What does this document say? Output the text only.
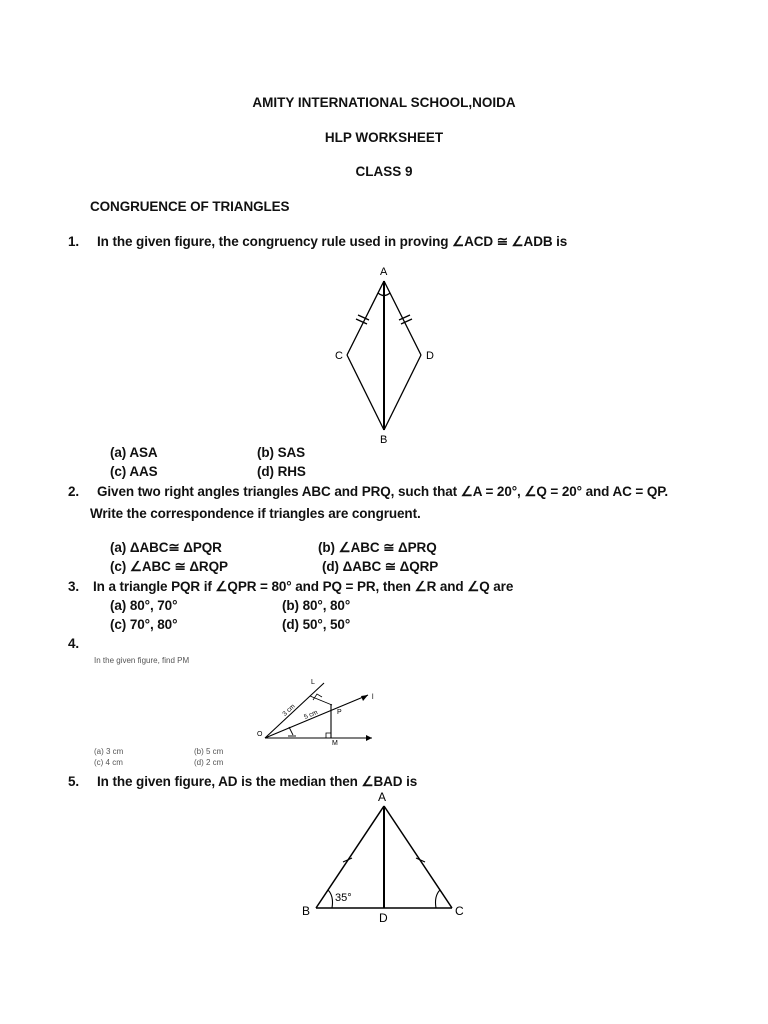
AMITY INTERNATIONAL SCHOOL,NOIDA
HLP WORKSHEET
CLASS 9
CONGRUENCE OF TRIANGLES
1. In the given figure, the congruency rule used in proving ∠ACD ≅ ∠ADB is
A
C	D
B
(a) ASA	(b) SAS
(c) AAS	(d) RHS
2. Given two right angles triangles ABC and PRQ, such that ∠A = 20°, ∠Q = 20° and AC = QP.
Write the correspondence if triangles are congruent.
(a) ΔABC≅ ΔPQR	(b) ∠ABC ≅ ΔPRQ
(c) ∠ABC ≅ ΔRQP	(d) ΔABC ≅ ΔQRP
3. In a triangle PQR if ∠QPR = 80° and PQ = PR, then ∠R and ∠Q are
(a) 80°, 70°	(b) 80°, 80°
(c) 70°, 80°	(d) 50°, 50°
4.
In the given figure, find PM
L
l
P
O
M
3 cm 5 cm
(a) 3 cm	(b) 5 cm
(c) 4 cm	(d) 2 cm
5. In the given figure, AD is the median then ∠BAD is
A
B	C
D
35°
